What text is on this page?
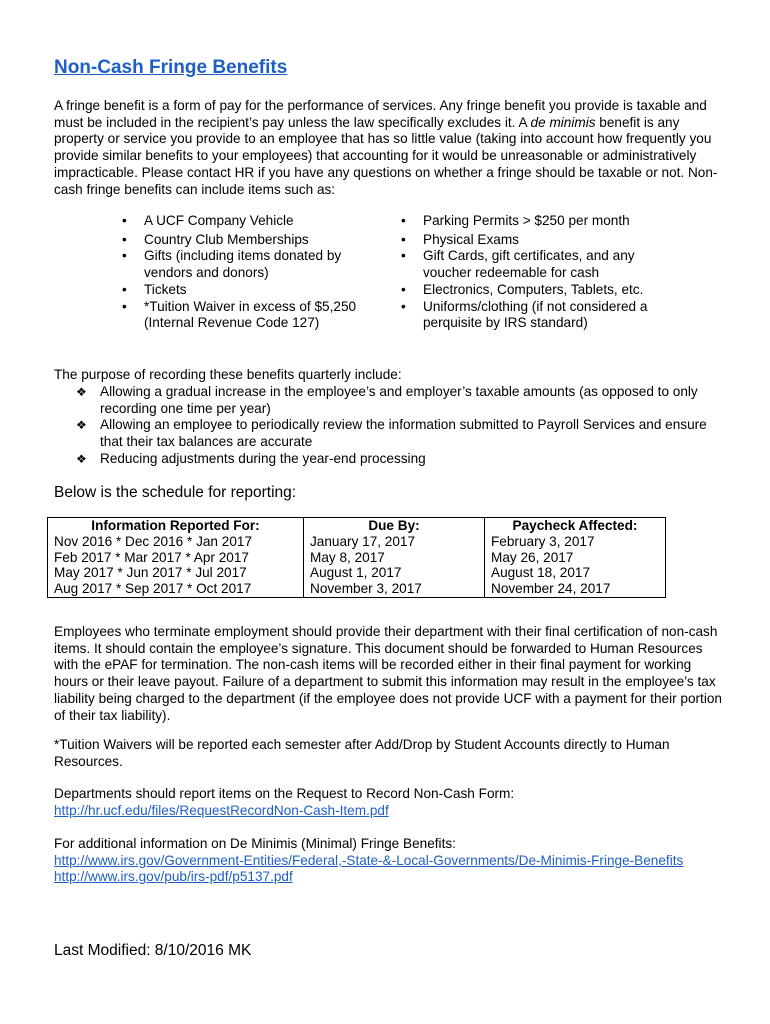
Non-Cash Fringe Benefits

A fringe benefit is a form of pay for the performance of services. Any fringe benefit you provide is taxable and must be included in the recipient’s pay unless the law specifically excludes it. A de minimis benefit is any property or service you provide to an employee that has so little value (taking into account how frequently you provide similar benefits to your employees) that accounting for it would be unreasonable or administratively impracticable. Please contact HR if you have any questions on whether a fringe should be taxable or not. Non-cash fringe benefits can include items such as:

• A UCF Company Vehicle
• Country Club Memberships
• Gifts (including items donated by vendors and donors)
• Tickets
• *Tuition Waiver in excess of $5,250 (Internal Revenue Code 127)
• Parking Permits > $250 per month
• Physical Exams
• Gift Cards, gift certificates, and any voucher redeemable for cash
• Electronics, Computers, Tablets, etc.
• Uniforms/clothing (if not considered a perquisite by IRS standard)

The purpose of recording these benefits quarterly include:

❖ Allowing a gradual increase in the employee’s and employer’s taxable amounts (as opposed to only recording one time per year)
❖ Allowing an employee to periodically review the information submitted to Payroll Services and ensure that their tax balances are accurate
❖ Reducing adjustments during the year-end processing

Below is the schedule for reporting:

Information Reported For:	Due By:	Paycheck Affected:
Nov 2016 * Dec 2016 * Jan 2017	January 17, 2017	February 3, 2017
Feb 2017 * Mar 2017 * Apr 2017	May 8, 2017	May 26, 2017
May 2017 * Jun 2017 * Jul 2017	August 1, 2017	August 18, 2017
Aug 2017 * Sep 2017 * Oct 2017	November 3, 2017	November 24, 2017

Employees who terminate employment should provide their department with their final certification of non-cash items. It should contain the employee’s signature. This document should be forwarded to Human Resources with the ePAF for termination. The non-cash items will be recorded either in their final payment for working hours or their leave payout. Failure of a department to submit this information may result in the employee’s tax liability being charged to the department (if the employee does not provide UCF with a payment for their portion of their tax liability).

*Tuition Waivers will be reported each semester after Add/Drop by Student Accounts directly to Human Resources.

Departments should report items on the Request to Record Non-Cash Form:
http://hr.ucf.edu/files/RequestRecordNon-Cash-Item.pdf
For additional information on De Minimis (Minimal) Fringe Benefits:
http://www.irs.gov/Government-Entities/Federal,-State-&-Local-Governments/De-Minimis-Fringe-Benefits
http://www.irs.gov/pub/irs-pdf/p5137.pdf

Last Modified: 8/10/2016 MK
